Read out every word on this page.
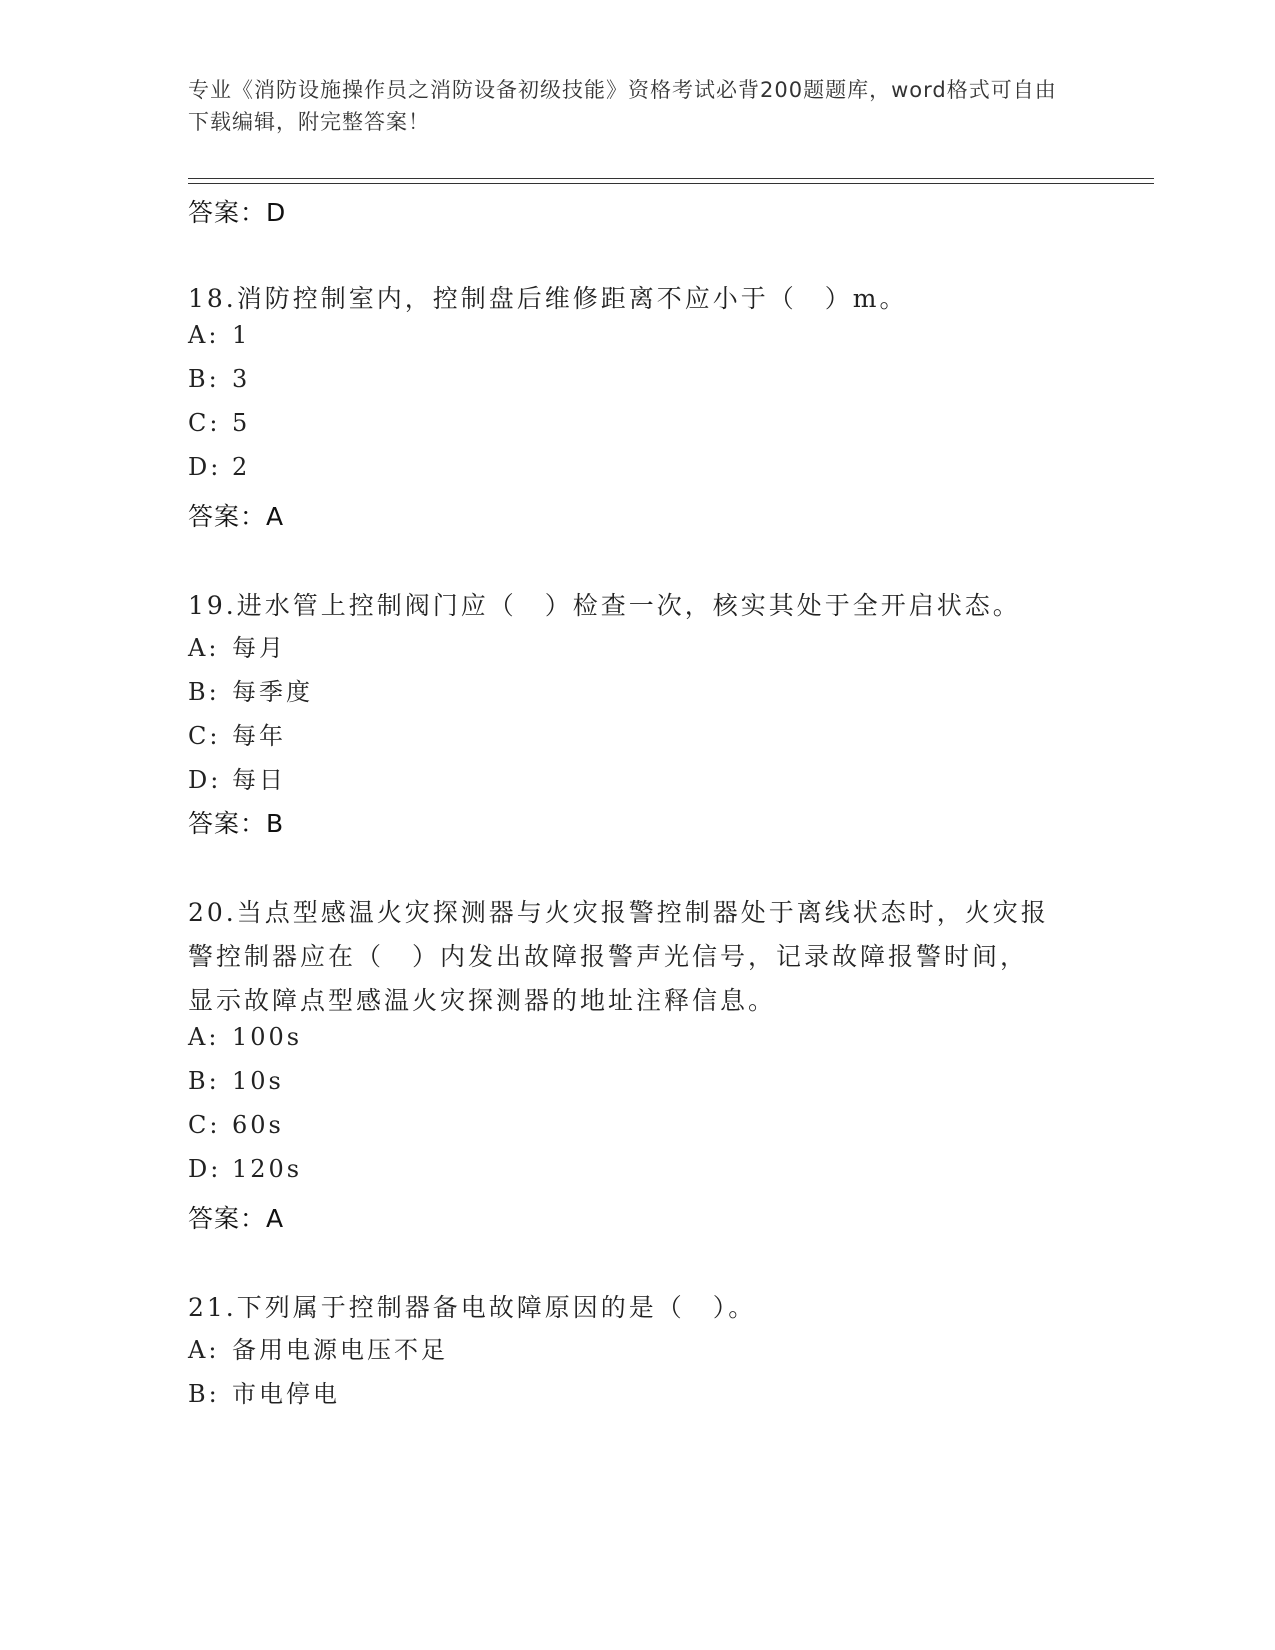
专业《消防设施操作员之消防设备初级技能》资格考试必背200题题库，word格式可自由下载编辑，附完整答案！
答案：D
18.消防控制室内，控制盘后维修距离不应小于（　）m。
A: 1
B: 3
C: 5
D: 2
答案：A
19.进水管上控制阀门应（　）检查一次，核实其处于全开启状态。
A: 每月
B: 每季度
C: 每年
D: 每日
答案：B
20.当点型感温火灾探测器与火灾报警控制器处于离线状态时，火灾报警控制器应在（　）内发出故障报警声光信号，记录故障报警时间，显示故障点型感温火灾探测器的地址注释信息。
A: 100s
B: 10s
C: 60s
D: 120s
答案：A
21.下列属于控制器备电故障原因的是（　）。
A: 备用电源电压不足
B: 市电停电
